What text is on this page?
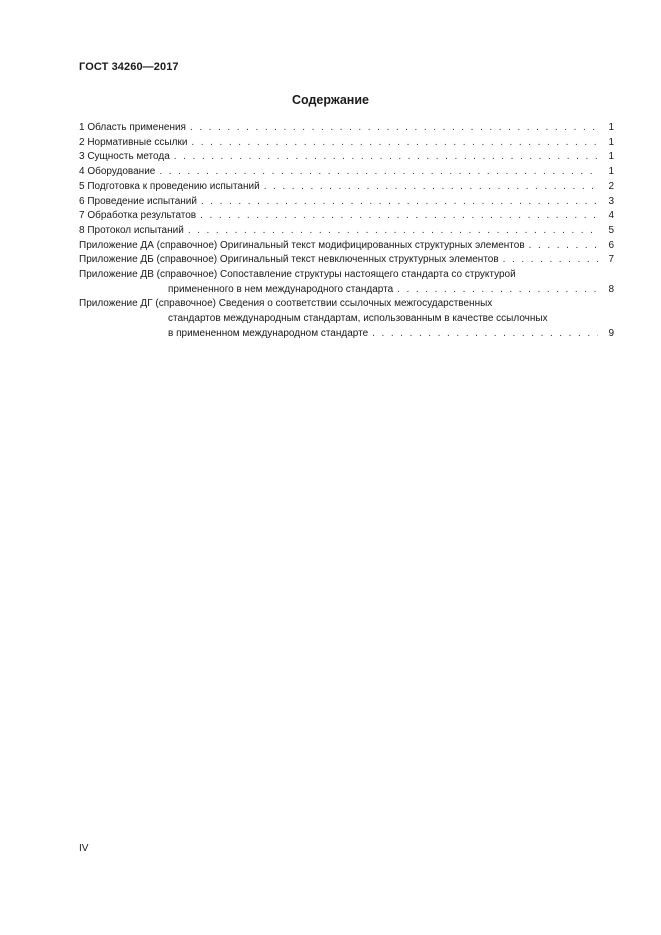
ГОСТ 34260—2017
Содержание
1 Область применения . . .	1
2 Нормативные ссылки . . .	1
3 Сущность метода . . .	1
4 Оборудование . . .	1
5 Подготовка к проведению испытаний . . .	2
6 Проведение испытаний . . .	3
7 Обработка результатов . . .	4
8 Протокол испытаний . . .	5
Приложение ДА (справочное) Оригинальный текст модифицированных структурных элементов . . .	6
Приложение ДБ (справочное) Оригинальный текст невключенных структурных элементов . . .	7
Приложение ДВ (справочное) Сопоставление структуры настоящего стандарта со структурой
примененного в нем международного стандарта . . .	8
Приложение ДГ (справочное) Сведения о соответствии ссылочных межгосударственных
стандартов международным стандартам, использованным в качестве ссылочных
в примененном международном стандарте . . .	9
IV
